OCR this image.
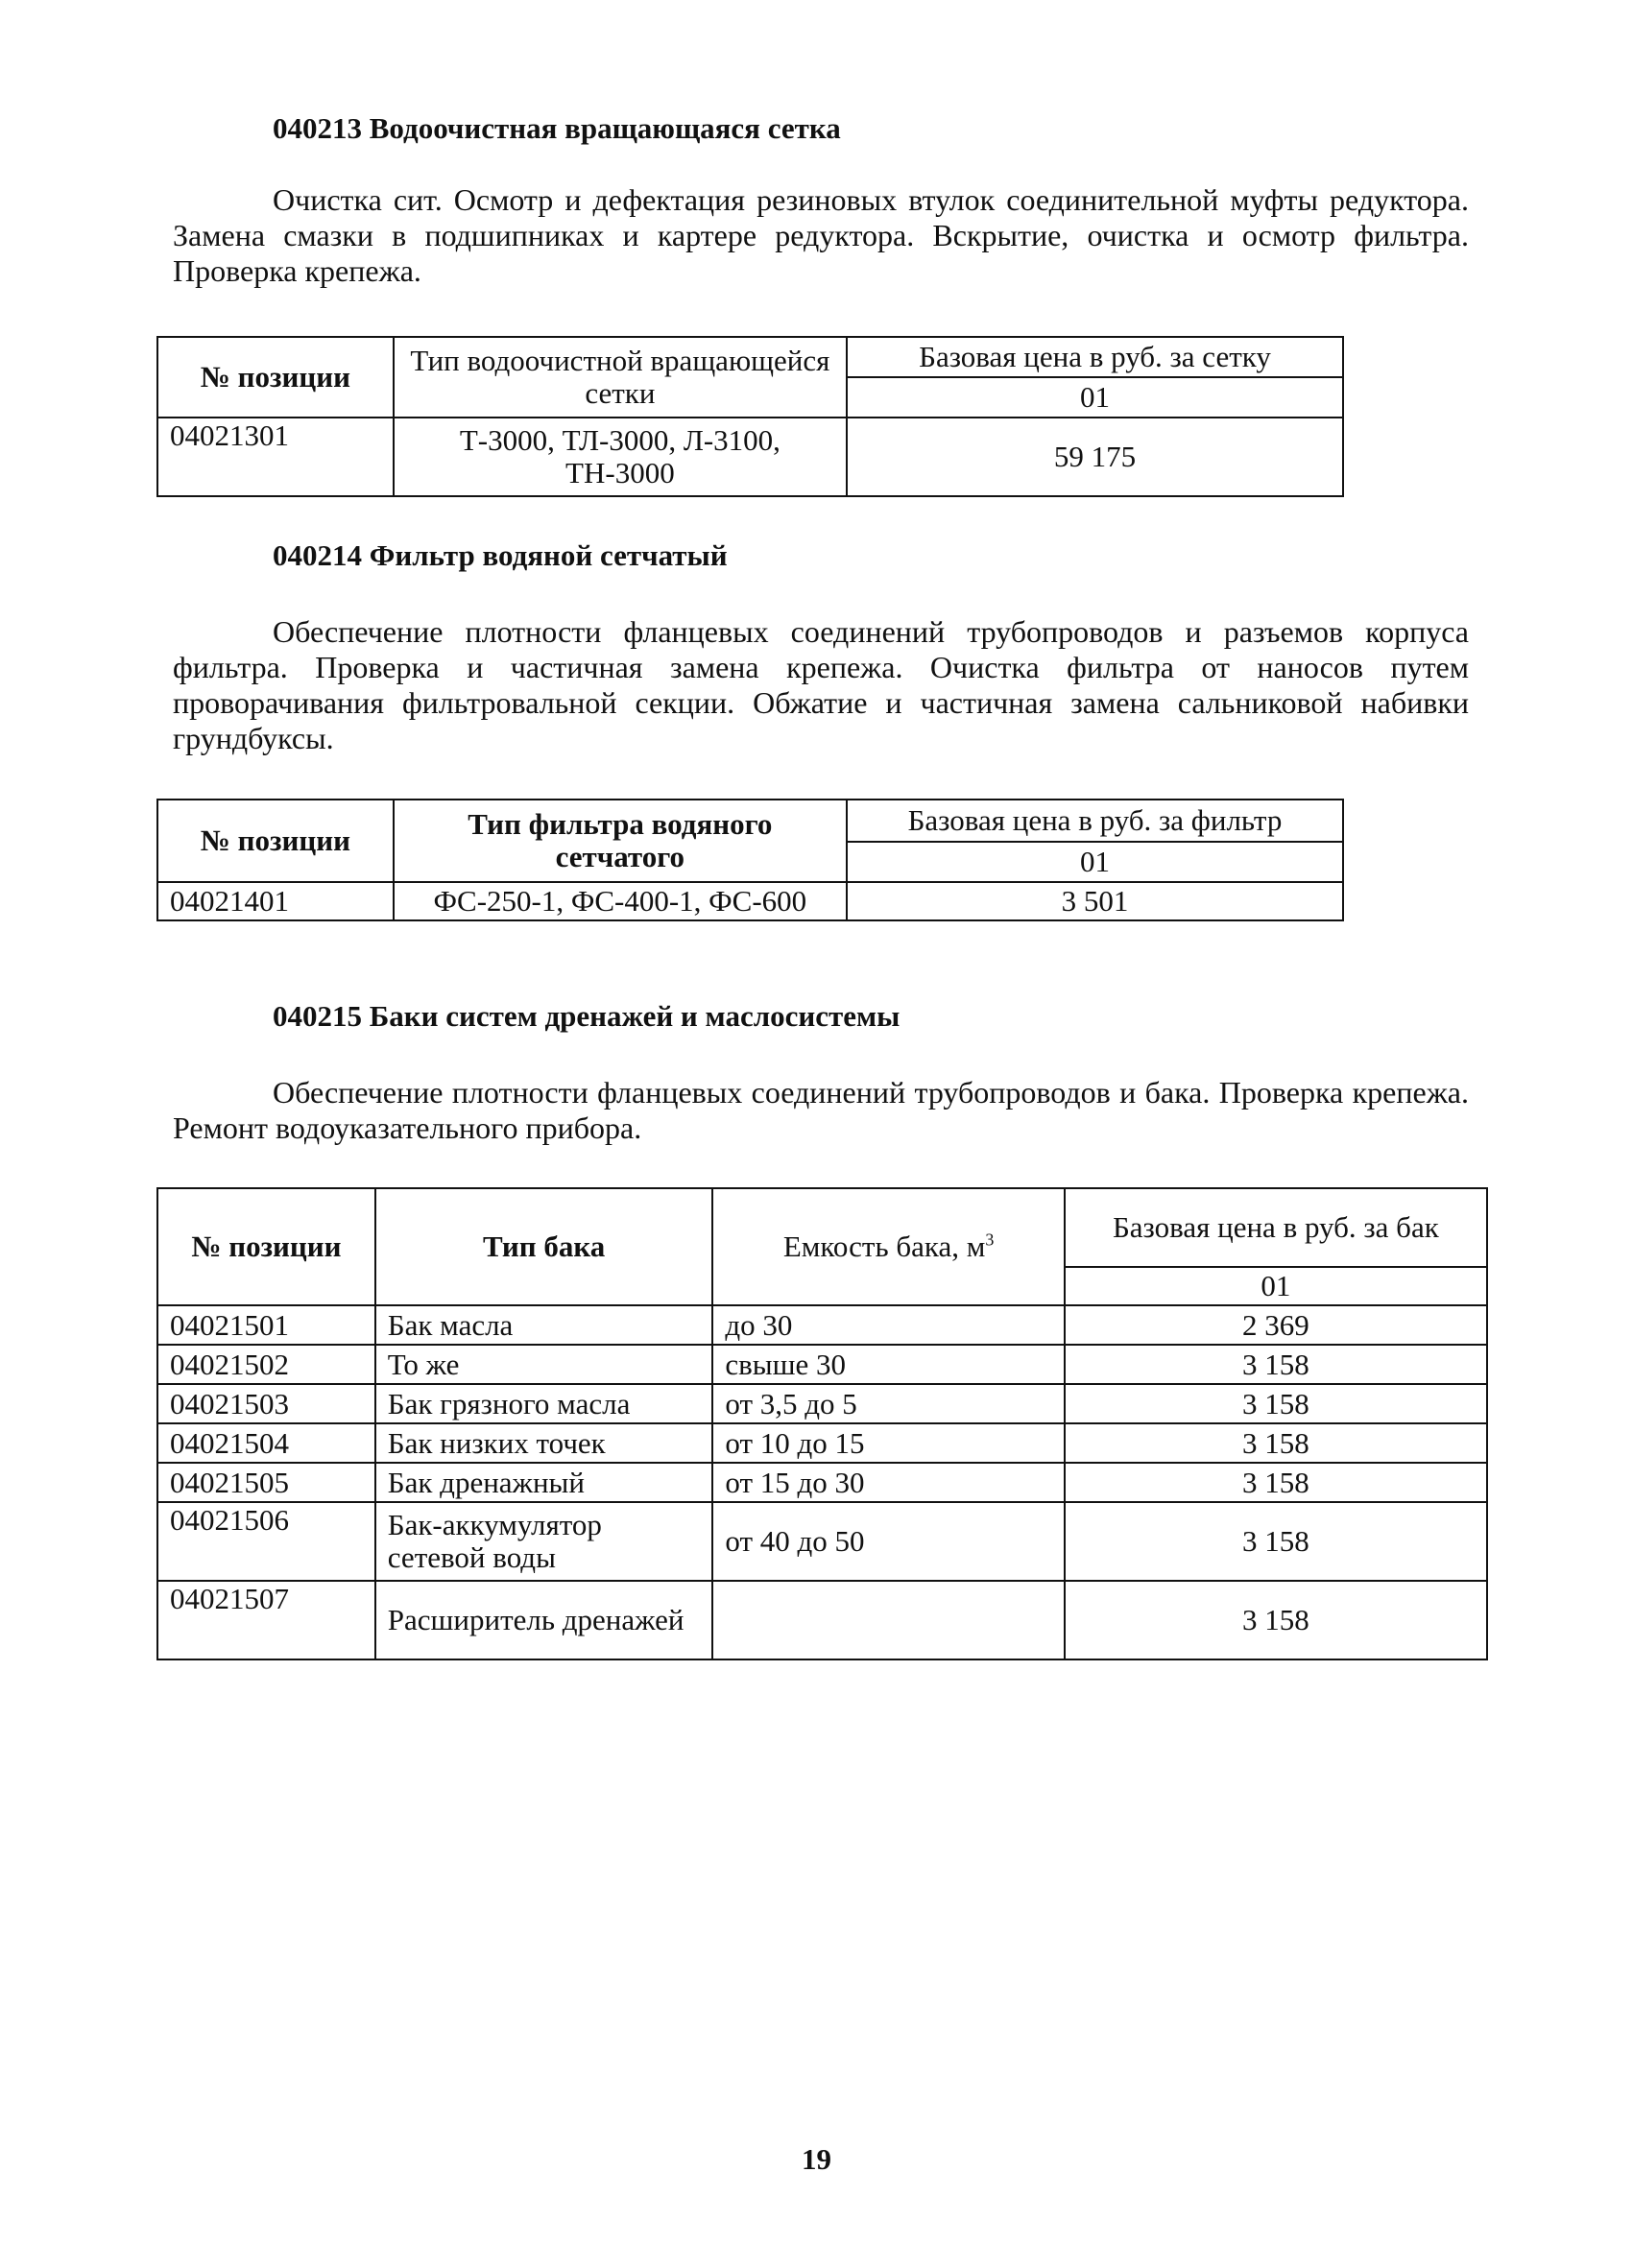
040213 Водоочистная вращающаяся сетка

Очистка сит. Осмотр и дефектация резиновых втулок соединительной муфты редуктора. Замена смазки в подшипниках и картере редуктора. Вскрытие, очистка и осмотр фильтра. Проверка крепежа.

№ позиции	Тип водоочистной вращающейся сетки	Базовая цена в руб. за сетку
		01
04021301	Т-3000, ТЛ-3000, Л-3100, ТН-3000	59 175
040214 Фильтр водяной сетчатый

Обеспечение плотности фланцевых соединений трубопроводов и разъемов корпуса фильтра. Проверка и частичная замена крепежа. Очистка фильтра от наносов путем проворачивания фильтровальной секции. Обжатие и частичная замена сальниковой набивки грундбуксы.

№ позиции	Тип фильтра водяного сетчатого	Базовая цена в руб. за фильтр
		01
04021401	ФС-250-1, ФС-400-1, ФС-600	3 501
040215 Баки систем дренажей и маслосистемы

Обеспечение плотности фланцевых соединений трубопроводов и бака. Проверка крепежа. Ремонт водоуказательного прибора.

№ позиции	Тип бака	Емкость бака, $м^3$	Базовая цена в руб. за бак
			01
04021501	Бак масла	до 30	2 369
04021502	То же	свыше 30	3 158
04021503	Бак грязного масла	от 3,5 до 5	3 158
04021504	Бак низких точек	от 10 до 15	3 158
04021505	Бак дренажный	от 15 до 30	3 158
04021506	Бак-аккумулятор сетевой воды	от 40 до 50	3 158
04021507	Расширитель дренажей		3 158
19
